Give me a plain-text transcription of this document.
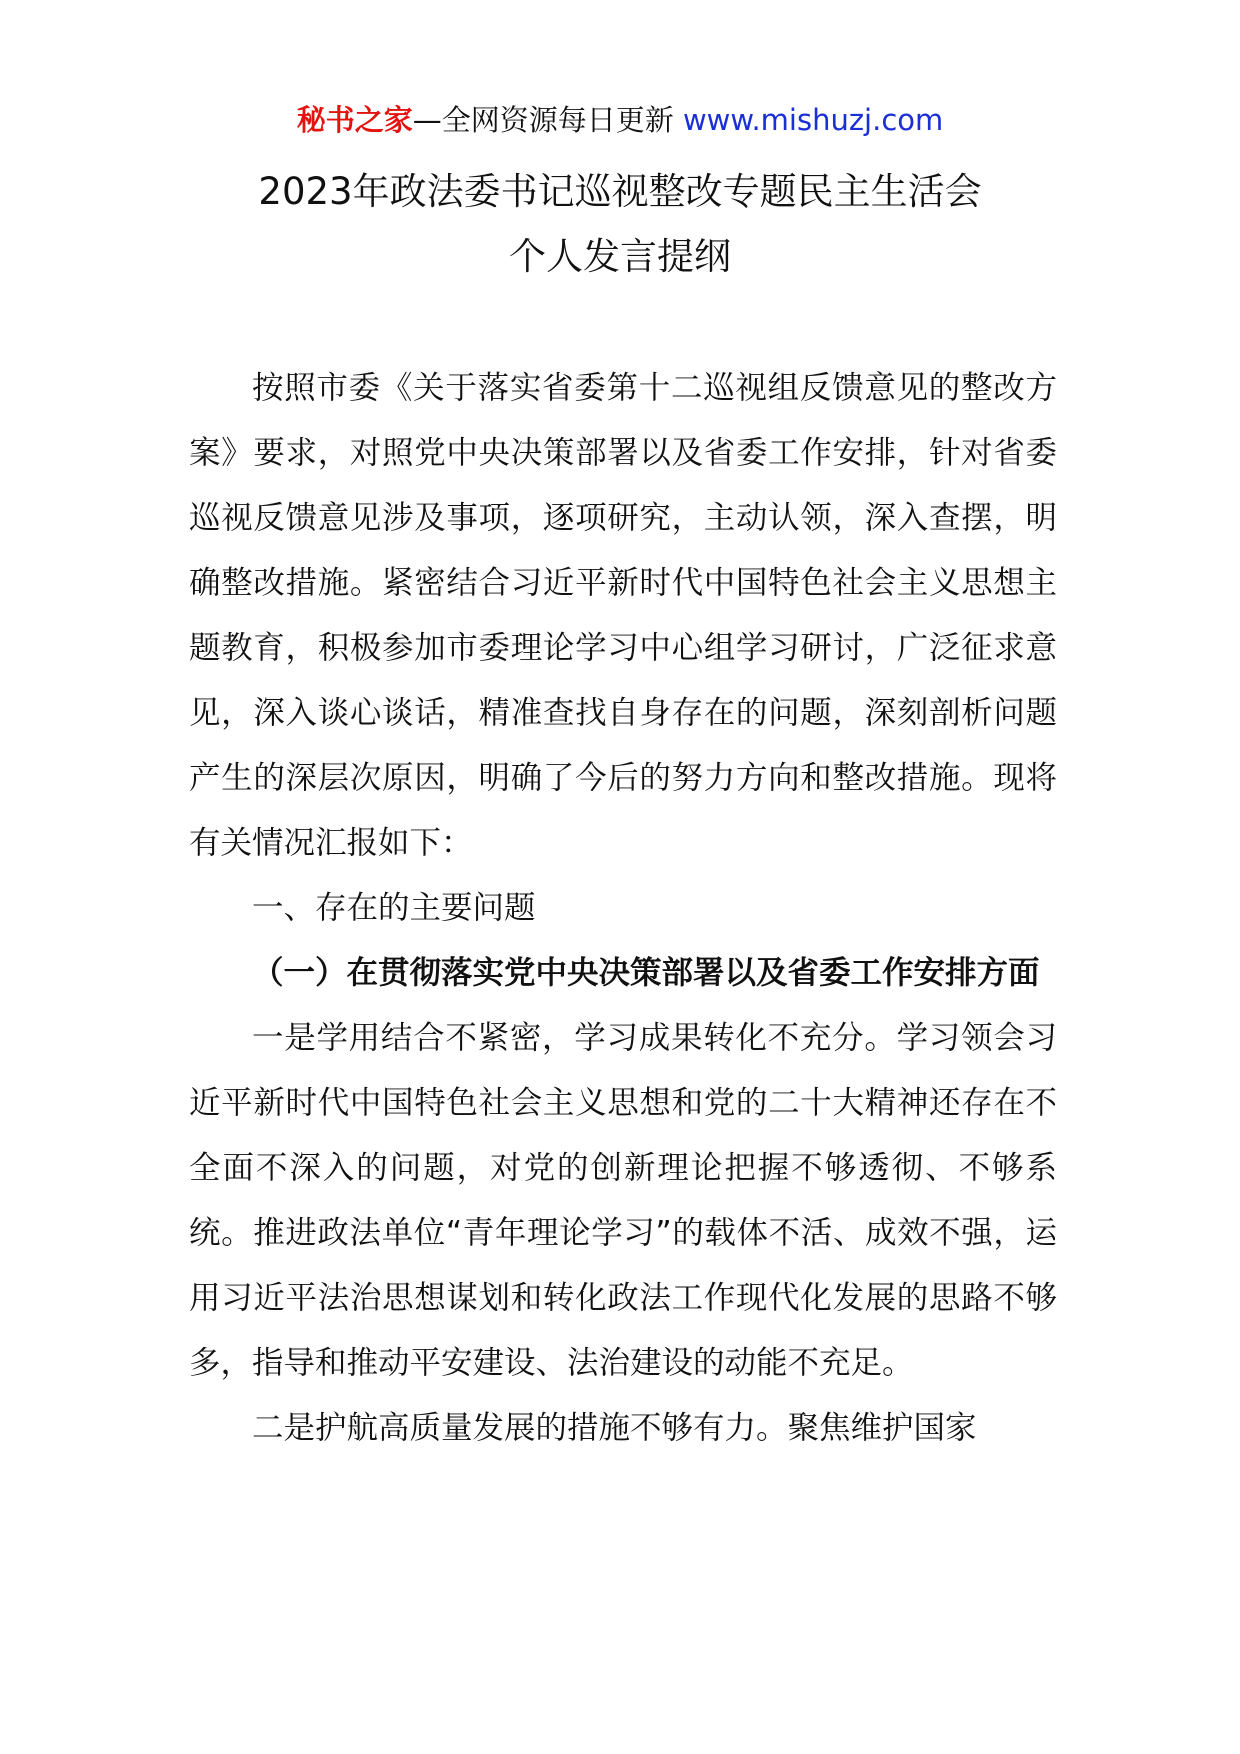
秘书之家—全网资源每日更新 www.mishuzj.com
2023年政法委书记巡视整改专题民主生活会
个人发言提纲

按照市委《关于落实省委第十二巡视组反馈意见的整改方案》要求，对照党中央决策部署以及省委工作安排，针对省委巡视反馈意见涉及事项，逐项研究，主动认领，深入查摆，明确整改措施。紧密结合习近平新时代中国特色社会主义思想主题教育，积极参加市委理论学习中心组学习研讨，广泛征求意见，深入谈心谈话，精准查找自身存在的问题，深刻剖析问题产生的深层次原因，明确了今后的努力方向和整改措施。现将有关情况汇报如下：

一、存在的主要问题

（一）在贯彻落实党中央决策部署以及省委工作安排方面

一是学用结合不紧密，学习成果转化不充分。学习领会习近平新时代中国特色社会主义思想和党的二十大精神还存在不全面不深入的问题，对党的创新理论把握不够透彻、不够系统。推进政法单位“青年理论学习”的载体不活、成效不强，运用习近平法治思想谋划和转化政法工作现代化发展的思路不够多，指导和推动平安建设、法治建设的动能不充足。

二是护航高质量发展的措施不够有力。聚焦维护国家
